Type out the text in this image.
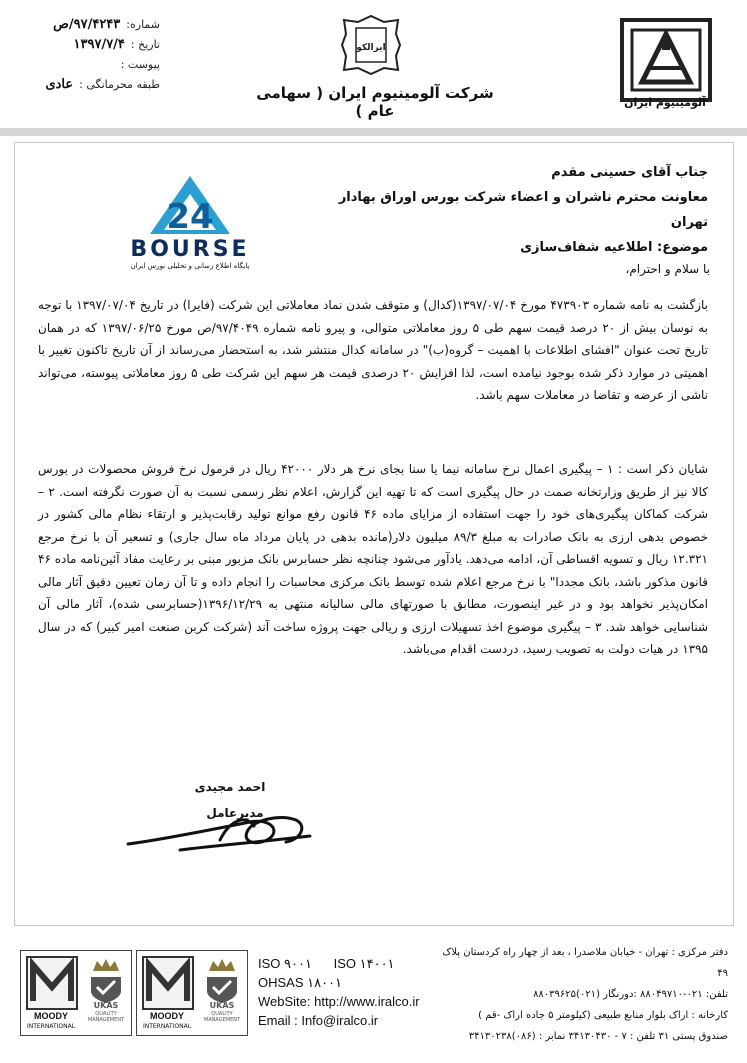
آلومینیوم ایران
ایرالکو
شرکت آلومینیوم ایران ( سهامی عام )
شماره:
۹۷/۴۲۴۳/ص
تاریخ :
۱۳۹۷/۷/۴
پیوست :
طبقه محرمانگی :
عادی
جناب آقای حسینی مقدم
معاونت محترم ناشران و اعضاء شرکت بورس اوراق بهادار تهران
موضوع: اطلاعیه شفاف‌سازی
24
BOURSE
پایگاه اطلاع رسانی و تحلیلی بورس ایران	با سلام و احترام،
بازگشت به نامه شماره ۴۷۳۹۰۳ مورخ ۱۳۹۷/۰۷/۰۴(کدال) و متوقف شدن نماد معاملاتی این شرکت (فایرا) در تاریخ ۱۳۹۷/۰۷/۰۴ با توجه به نوسان بیش از ۲۰ درصد قیمت سهم طی ۵ روز معاملاتی متوالی، و پیرو نامه شماره ۹۷/۴۰۴۹/ص مورخ ۱۳۹۷/۰۶/۲۵ که در همان تاریخ تحت عنوان "افشای اطلاعات با اهمیت – گروه(ب)" در سامانه کدال منتشر شد، به استحضار می‌رساند از آن تاریخ تاکنون تغییر با اهمیتی در موارد ذکر شده بوجود نیامده است، لذا افزایش ۲۰ درصدی قیمت هر سهم این شرکت طی ۵ روز معاملاتی پیوسته، می‌تواند ناشی از عرضه و تقاضا در معاملات سهم باشد.
شایان ذکر است : ۱ – پیگیری اعمال نرخ سامانه نیما یا سنا بجای نرخ هر دلار ۴۲۰۰۰ ریال در فرمول نرخ فروش محصولات در بورس کالا نیز از طریق وزارتخانه صمت در حال پیگیری است که تا تهیه این گزارش، اعلام نظر رسمی نسبت به آن صورت نگرفته است. ۲ – شرکت کماکان پیگیری‌های خود را جهت استفاده از مزایای ماده ۴۶ قانون رفع موانع تولید رقابت‌پذیر و ارتقاء نظام مالی کشور در خصوص بدهی ارزی به بانک صادرات به مبلغ ۸۹/۳ میلیون دلار(مانده بدهی در پایان مرداد ماه سال جاری) و تسعیر آن با نرخ مرجع ۱۲.۳۲۱ ریال و تسویه اقساطی آن، ادامه می‌دهد. یادآور می‌شود چنانچه نظر حسابرس بانک مزبور مبنی بر رعایت مفاد آئین‌نامه ماده ۴۶ قانون مذکور باشد، بانک مجددا" با نرخ مرجع اعلام شده توسط بانک مرکزی محاسبات را انجام داده و تا آن زمان تعیین دقیق آثار مالی امکان‌پذیر نخواهد بود و در غیر اینصورت، مطابق با صورتهای مالی سالیانه منتهی به ۱۳۹۶/۱۲/۲۹(حسابرسی شده)، آثار مالی آن شناسایی خواهد شد. ۳ – پیگیری موضوع اخذ تسهیلات ارزی و ریالی جهت پروژه ساخت آند (شرکت کربن صنعت امیر کبیر) که در سال ۱۳۹۵ در هیات دولت به تصویب رسید، دردست اقدام می‌باشد.
احمد مجیدی
مدیرعامل
MOODY
INTERNATIONAL
UKAS
QUALITY MANAGEMENT	MOODY
INTERNATIONAL
UKAS
QUALITY MANAGEMENT
ISO ۹۰۰۱ ISO ۱۴۰۰۱
OHSAS ۱۸۰۰۱
WebSite: http://www.iralco.ir
Email : Info@iralco.ir
دفتر مرکزی : تهران - خیابان ملاصدرا ، بعد از چهار راه کردستان پلاک ۴۹
تلفن: ۰۲۱-۸۸۰۴۹۷۱۰ :دورنگار (۰۲۱)۸۸۰۳۹۶۲۵
کارخانه : اراک بلوار منابع طبیعی (کیلومتر ۵ جاده اراک -قم )
صندوق پستی ۳۱ تلفن : ۷ - ۳۴۱۳۰۴۳۰ نمابر : (۰۸۶)۳۴۱۳۰۲۳۸
